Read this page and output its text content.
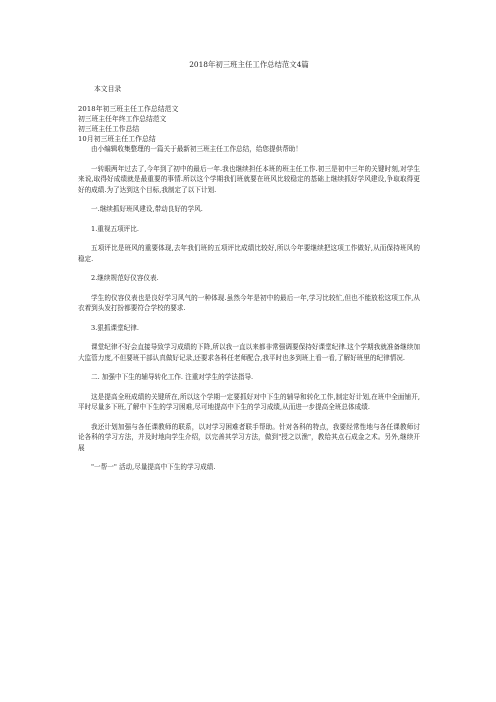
2018年初三班主任工作总结范文4篇
本文目录
2018年初三班主任工作总结范文
初三班主任年终工作总结范文
初三班主任工作总结
10月初三班主任工作总结
由小编辑收集整理的一篇关于最新初三班主任工作总结，给您提供帮助！
一转眼两年过去了,今年到了初中的最后一年.我也继续担任本班的班主任工作.初三是初中三年的关键时刻,对学生来说,取得好成绩就是最重要的事情.所以这个学期我们班就要在班风比较稳定的基础上继续抓好学风建设,争取取得更好的成绩.为了达到这个目标,我制定了以下计划.
一.继续抓好班风建设,带动良好的学风.
1.重视五项评比.
五项评比是班风的重要体现,去年我们班的五项评比成绩比较好,所以今年要继续把这项工作做好,从而保持班风的稳定.
2.继续规范好仪容仪表.
学生的仪容仪表也是良好学习风气的一种体现.虽然今年是初中的最后一年,学习比较忙,但也不能放松这项工作,从衣着到头发打扮都要符合学校的要求.
3.狠抓课堂纪律.
课堂纪律不好会直接导致学习成绩的下降,所以我一直以来都非常强调要保持好课堂纪律.这个学期我就准备继续加大监管力度,不但要班干部认真做好记录,还要求各科任老师配合,我平时也多到班上看一看,了解好班里的纪律情况.
二. 加强中下生的辅导转化工作. 注重对学生的学法指导.
这是提高全班成绩的关键所在,所以这个学期一定要抓好对中下生的辅导和转化工作,制定好计划,在班中全面铺开,平时尽量多下班,了解中下生的学习困难,尽可地提高中下生的学习成绩,从而进一步提高全班总体成绩.
我还计划加强与各任课教师的联系，以对学习困难者联手帮助。针对各科的特点，我要经常性地与各任课教师讨论各科的学习方法，并及时地向学生介绍，以完善其学习方法，做到"授之以渔"，教给其点石成金之术。另外,继续开展
"一帮一" 活动,尽量提高中下生的学习成绩.
